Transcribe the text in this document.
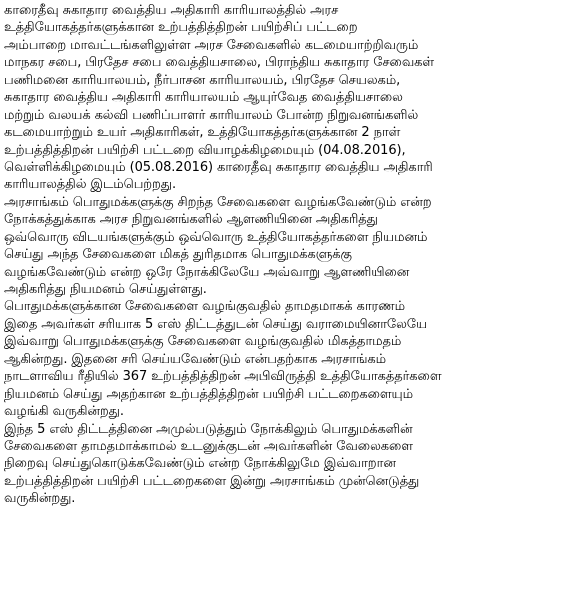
காரைதீவு சுகாதார வைத்திய அதிகாரி காரியாலத்தில் அரச
உத்தியோகத்தர்களுக்கான உற்பத்தித்திறன் பயிற்சிப் பட்டறை
அம்பாறை மாவட்டங்களிலுள்ள அரச சேவைகளில் கடமையாற்றிவரும்
மாநகர சபை, பிரதேச சபை வைத்தியசாலை, பிராந்திய சுகாதார சேவைகள்
பணிமனை காரியாலயம், நீர்பாசன காரியாலயம், பிரதேச செயலகம்,
சுகாதார வைத்திய அதிகாரி காரியாலயம் ஆயுர்வேத வைத்தியசாலை
மற்றும் வலயக் கல்வி பணிப்பாளர் காரியாலம் போன்ற நிறுவனங்களில்
கடமையாற்றும் உயர் அதிகாரிகள், உத்தியோகத்தர்களுக்கான 2 நாள்
உற்பத்தித்திறன் பயிற்சி பட்டறை வியாழக்கிழமையும் (04.08.2016),
வெள்ளிக்கிழமையும் (05.08.2016) காரைதீவு சுகாதார வைத்திய அதிகாரி
காரியாலத்தில் இடம்பெற்றது.
அரசாங்கம் பொதுமக்களுக்கு சிறந்த சேவைகளை வழங்கவேண்டும் என்ற
நோக்கத்துக்காக அரச நிறுவனங்களில் ஆளணியினை அதிகரித்து
ஒவ்வொரு விடயங்களுக்கும் ஒவ்வொரு உத்தியோகத்தர்களை நியமனம்
செய்து அந்த சேவைகளை மிகத் துரிதமாக பொதுமக்களுக்கு
வழங்கவேண்டும் என்ற ஒரே நோக்கிலேயே அவ்வாறு ஆளணியினை
அதிகரித்து நியமனம் செய்துள்ளது.
பொதுமக்களுக்கான சேவைகளை வழங்குவதில் தாமதமாகக் காரணம்
இதை அவர்கள் சரியாக 5 எஸ் திட்டத்துடன் செய்து வராமையினாலேயே
இவ்வாறு பொதுமக்களுக்கு சேவைகளை வழங்குவதில் மிகத்தாமதம்
ஆகின்றது. இதனை சரி செய்யவேண்டும் என்பதற்காக அரசாங்கம்
நாடளாவிய ரீதியில் 367 உற்பத்தித்திறன் அபிவிருத்தி உத்தியோகத்தர்களை
நியமனம் செய்து அதற்கான உற்பத்தித்திறன் பயிற்சி பட்டறைகளையும்
வழங்கி வருகின்றது.
இந்த 5 எஸ் திட்டத்தினை அமுல்படுத்தும் நோக்கிலும் பொதுமக்களின்
சேவைகளை தாமதமாக்காமல் உடனுக்குடன் அவர்களின் வேலைகளை
நிறைவு செய்துகொடுக்கவேண்டும் என்ற நோக்கிலுமே இவ்வாறான
உற்பத்தித்திறன் பயிற்சி பட்டறைகளை இன்று அரசாங்கம் முன்னெடுத்து
வருகின்றது.
